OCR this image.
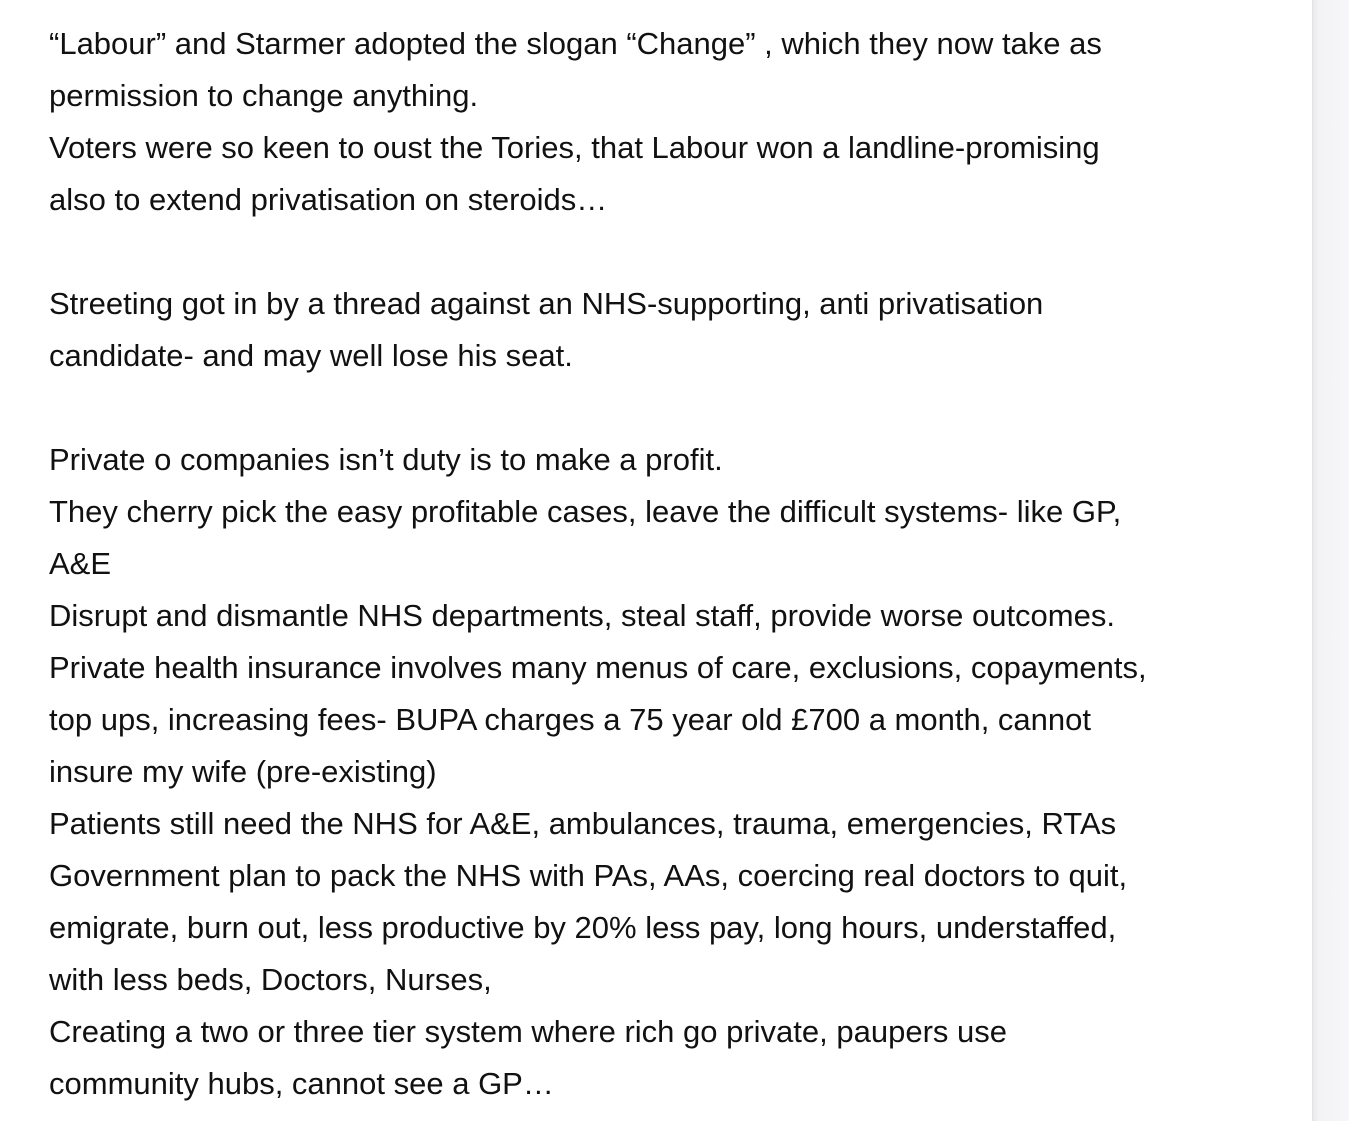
“Labour” and Starmer adopted the slogan “Change” , which they now take as
permission to change anything.
Voters were so keen to oust the Tories, that Labour won a landline-promising
also to extend privatisation on steroids…
Streeting got in by a thread against an NHS-supporting, anti privatisation
candidate- and may well lose his seat.
Private o companies isn’t duty is to make a profit.
They cherry pick the easy profitable cases, leave the difficult systems- like GP,
A&E
Disrupt and dismantle NHS departments, steal staff, provide worse outcomes.
Private health insurance involves many menus of care, exclusions, copayments,
top ups, increasing fees- BUPA charges a 75 year old £700 a month, cannot
insure my wife (pre-existing)
Patients still need the NHS for A&E, ambulances, trauma, emergencies, RTAs
Government plan to pack the NHS with PAs, AAs, coercing real doctors to quit,
emigrate, burn out, less productive by 20% less pay, long hours, understaffed,
with less beds, Doctors, Nurses,
Creating a two or three tier system where rich go private, paupers use
community hubs, cannot see a GP…
